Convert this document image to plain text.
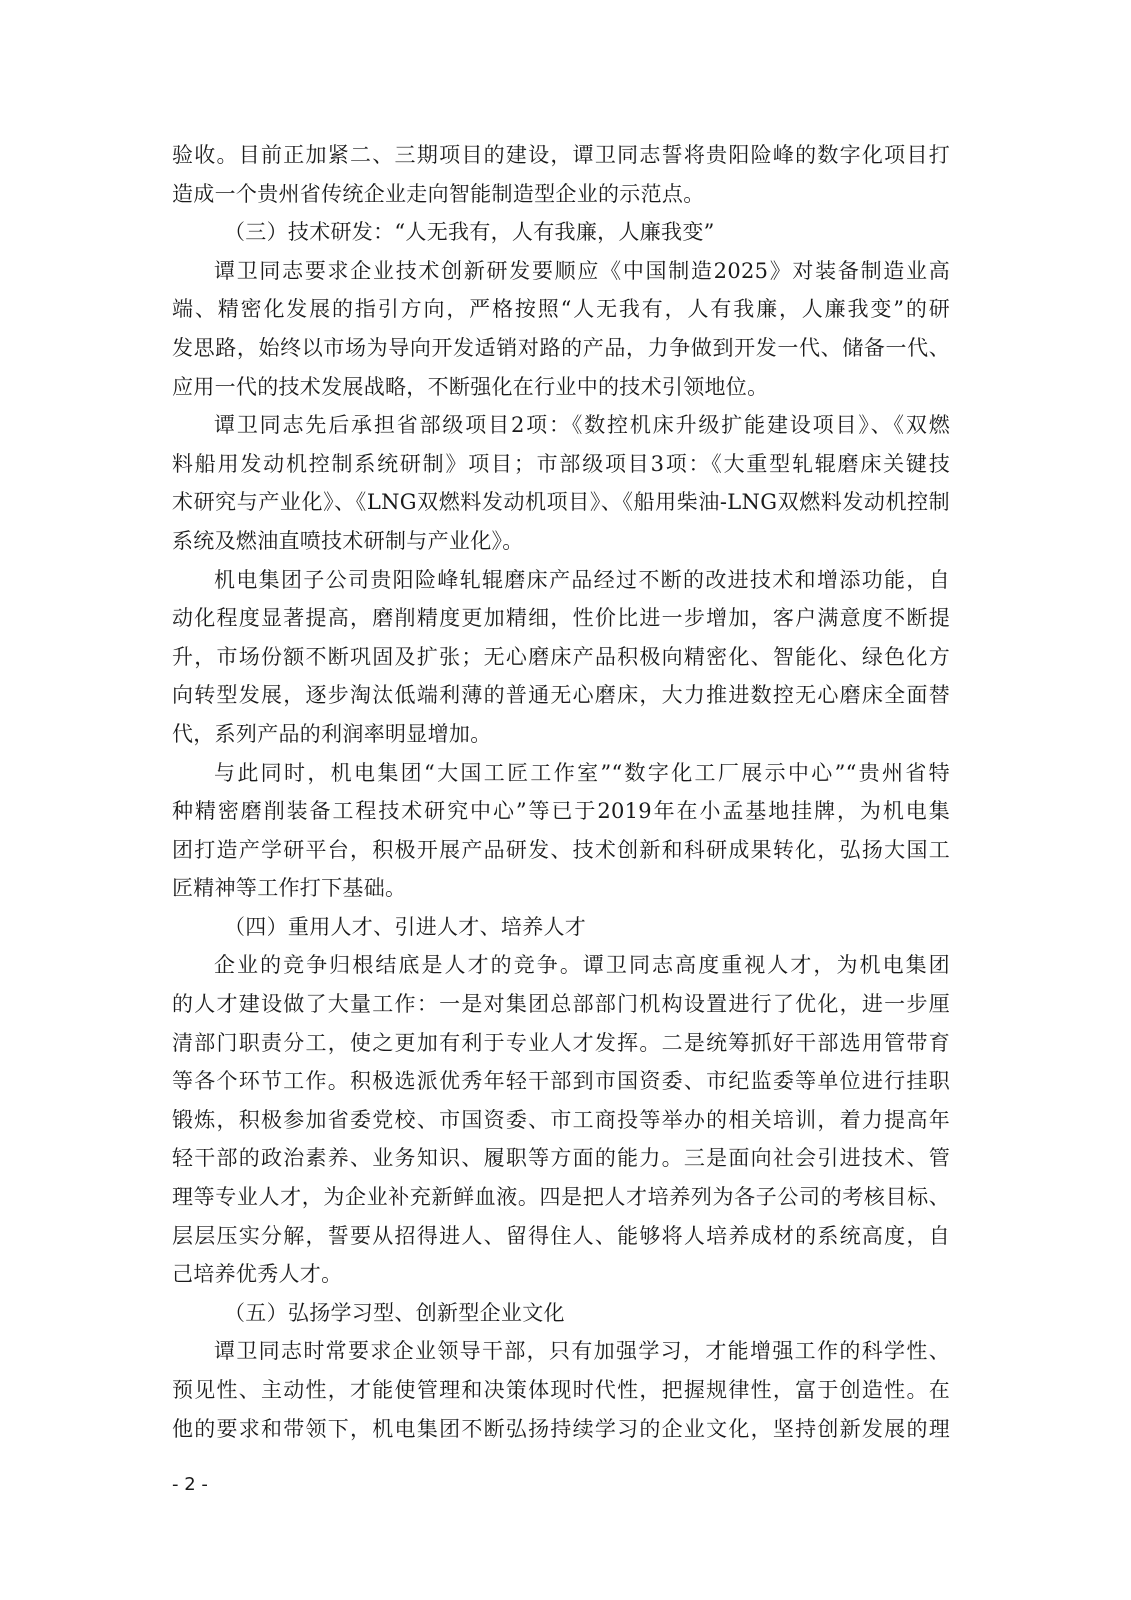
验收。目前正加紧二、三期项目的建设，谭卫同志誓将贵阳险峰的数字化项目打
造成一个贵州省传统企业走向智能制造型企业的示范点。
（三）技术研发：“人无我有，人有我廉，人廉我变”
谭卫同志要求企业技术创新研发要顺应《中国制造2025》对装备制造业高
端、精密化发展的指引方向，严格按照“人无我有，人有我廉，人廉我变”的研
发思路，始终以市场为导向开发适销对路的产品，力争做到开发一代、储备一代、
应用一代的技术发展战略，不断强化在行业中的技术引领地位。
谭卫同志先后承担省部级项目2项：《数控机床升级扩能建设项目》、《双燃
料船用发动机控制系统研制》项目；市部级项目3项：《大重型轧辊磨床关键技
术研究与产业化》、《LNG双燃料发动机项目》、《船用柴油-LNG双燃料发动机控制
系统及燃油直喷技术研制与产业化》。
机电集团子公司贵阳险峰轧辊磨床产品经过不断的改进技术和增添功能，自
动化程度显著提高，磨削精度更加精细，性价比进一步增加，客户满意度不断提
升，市场份额不断巩固及扩张；无心磨床产品积极向精密化、智能化、绿色化方
向转型发展，逐步淘汰低端利薄的普通无心磨床，大力推进数控无心磨床全面替
代，系列产品的利润率明显增加。
与此同时，机电集团“大国工匠工作室”“数字化工厂展示中心”“贵州省特
种精密磨削装备工程技术研究中心”等已于2019年在小孟基地挂牌，为机电集
团打造产学研平台，积极开展产品研发、技术创新和科研成果转化，弘扬大国工
匠精神等工作打下基础。
（四）重用人才、引进人才、培养人才
企业的竞争归根结底是人才的竞争。谭卫同志高度重视人才，为机电集团
的人才建设做了大量工作：一是对集团总部部门机构设置进行了优化，进一步厘
清部门职责分工，使之更加有利于专业人才发挥。二是统筹抓好干部选用管带育
等各个环节工作。积极选派优秀年轻干部到市国资委、市纪监委等单位进行挂职
锻炼，积极参加省委党校、市国资委、市工商投等举办的相关培训，着力提高年
轻干部的政治素养、业务知识、履职等方面的能力。三是面向社会引进技术、管
理等专业人才，为企业补充新鲜血液。四是把人才培养列为各子公司的考核目标、
层层压实分解，誓要从招得进人、留得住人、能够将人培养成材的系统高度，自
己培养优秀人才。
（五）弘扬学习型、创新型企业文化
谭卫同志时常要求企业领导干部，只有加强学习，才能增强工作的科学性、
预见性、主动性，才能使管理和决策体现时代性，把握规律性，富于创造性。在
他的要求和带领下，机电集团不断弘扬持续学习的企业文化，坚持创新发展的理
- 2 -
